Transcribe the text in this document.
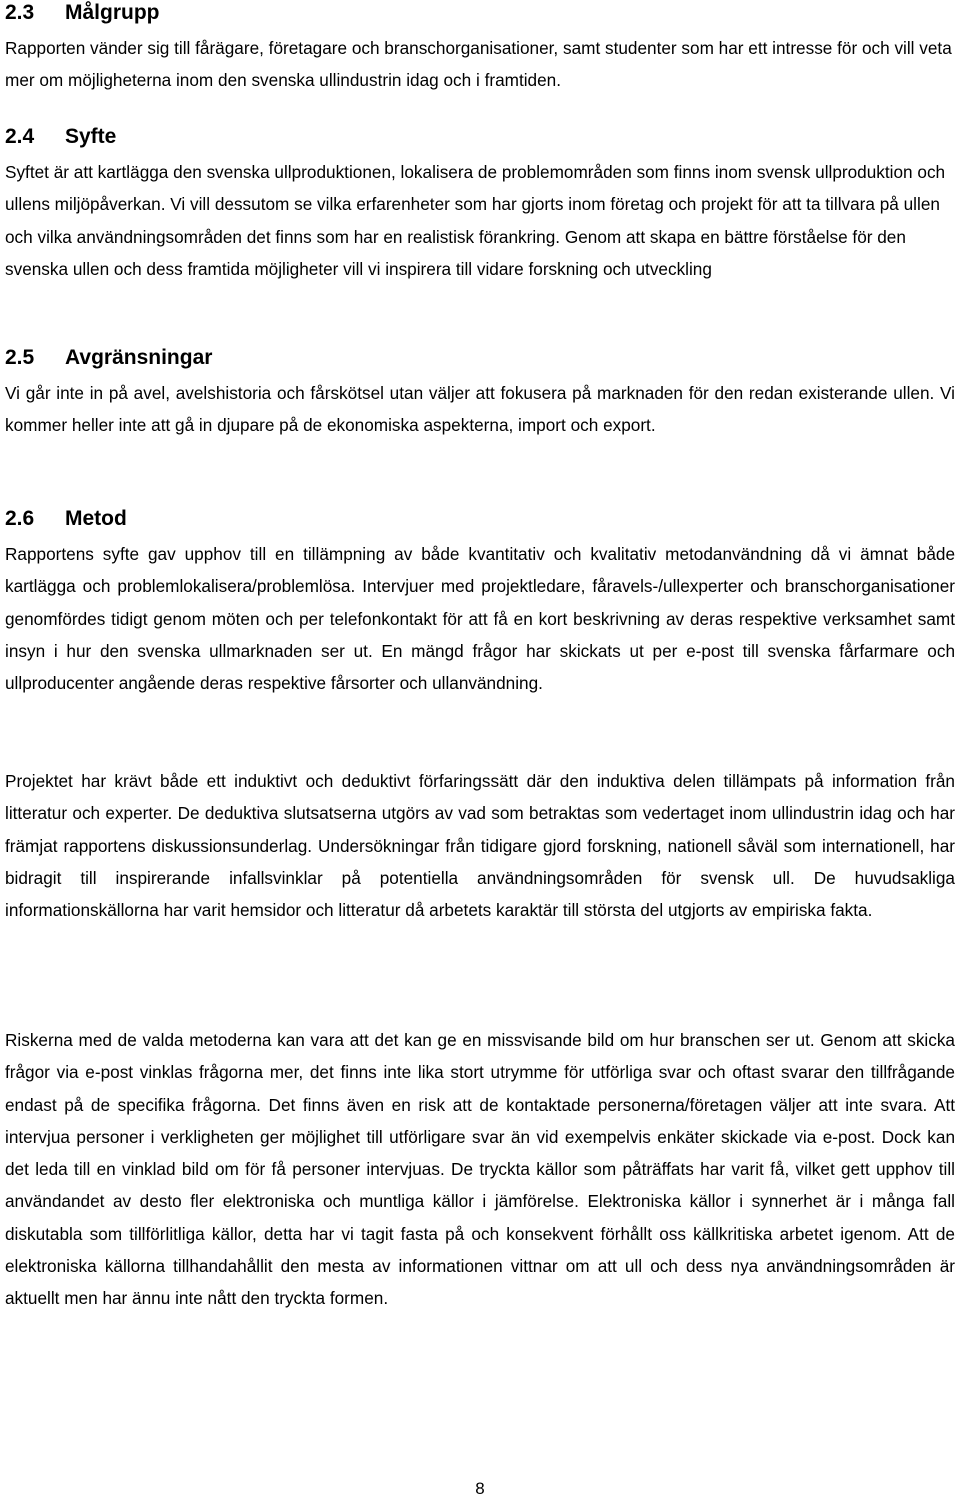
2.3	Målgrupp

Rapporten vänder sig till fårägare, företagare och branschorganisationer, samt studenter som har ett intresse för och vill veta mer om möjligheterna inom den svenska ullindustrin idag och i framtiden.

2.4	Syfte

Syftet är att kartlägga den svenska ullproduktionen, lokalisera de problemområden som finns inom svensk ullproduktion och ullens miljöpåverkan. Vi vill dessutom se vilka erfarenheter som har gjorts inom företag och projekt för att ta tillvara på ullen och vilka användningsområden det finns som har en realistisk förankring. Genom att skapa en bättre förståelse för den svenska ullen och dess framtida möjligheter vill vi inspirera till vidare forskning och utveckling

2.5	Avgränsningar

Vi går inte in på avel, avelshistoria och fårskötsel utan väljer att fokusera på marknaden för den redan existerande ullen. Vi kommer heller inte att gå in djupare på de ekonomiska aspekterna, import och export.

2.6	Metod

Rapportens syfte gav upphov till en tillämpning av både kvantitativ och kvalitativ metodanvändning då vi ämnat både kartlägga och problemlokalisera/problemlösa. Intervjuer med projektledare, fåravels-/ullexperter och branschorganisationer genomfördes tidigt genom möten och per telefonkontakt för att få en kort beskrivning av deras respektive verksamhet samt insyn i hur den svenska ullmarknaden ser ut. En mängd frågor har skickats ut per e-post till svenska fårfarmare och ullproducenter angående deras respektive fårsorter och ullanvändning.

Projektet har krävt både ett induktivt och deduktivt förfaringssätt där den induktiva delen tillämpats på information från litteratur och experter. De deduktiva slutsatserna utgörs av vad som betraktas som vedertaget inom ullindustrin idag och har främjat rapportens diskussionsunderlag. Undersökningar från tidigare gjord forskning, nationell såväl som internationell, har bidragit till inspirerande infallsvinklar på potentiella användningsområden för svensk ull. De huvudsakliga informationskällorna har varit hemsidor och litteratur då arbetets karaktär till största del utgjorts av empiriska fakta.

Riskerna med de valda metoderna kan vara att det kan ge en missvisande bild om hur branschen ser ut. Genom att skicka frågor via e-post vinklas frågorna mer, det finns inte lika stort utrymme för utförliga svar och oftast svarar den tillfrågande endast på de specifika frågorna. Det finns även en risk att de kontaktade personerna/företagen väljer att inte svara. Att intervjua personer i verkligheten ger möjlighet till utförligare svar än vid exempelvis enkäter skickade via e-post. Dock kan det leda till en vinklad bild om för få personer intervjuas. De tryckta källor som påträffats har varit få, vilket gett upphov till användandet av desto fler elektroniska och muntliga källor i jämförelse. Elektroniska källor i synnerhet är i många fall diskutabla som tillförlitliga källor, detta har vi tagit fasta på och konsekvent förhållt oss källkritiska arbetet igenom. Att de elektroniska källorna tillhandahållit den mesta av informationen vittnar om att ull och dess nya användningsområden är aktuellt men har ännu inte nått den tryckta formen.

8
